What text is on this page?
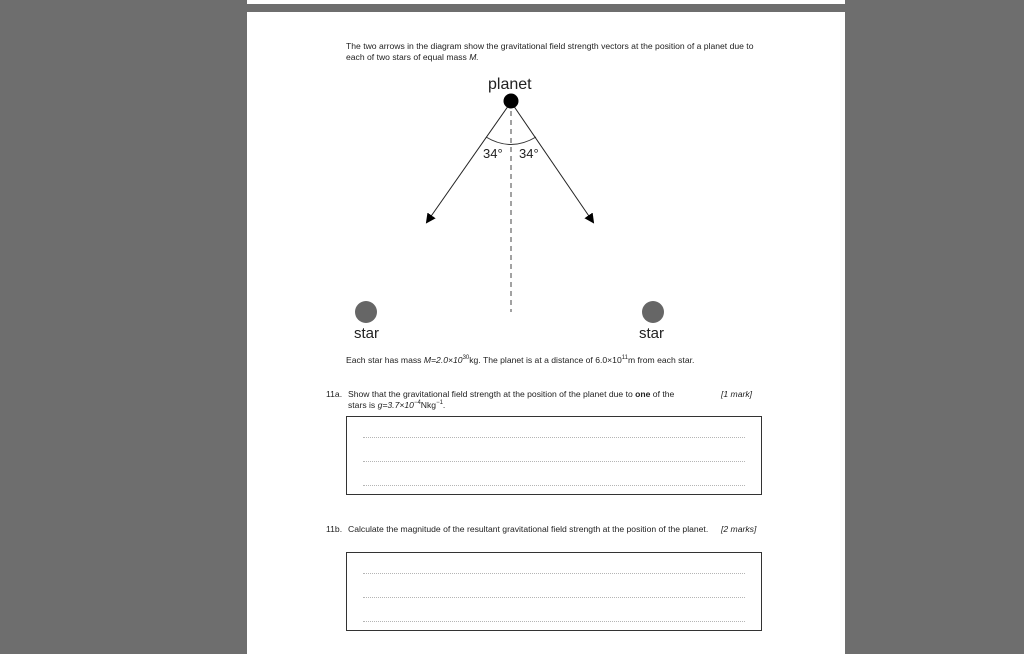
The two arrows in the diagram show the gravitational field strength vectors at the position of a planet due to each of two stars of equal mass M.
planet
34° 34°
star	star
Each star has mass $M=2.0\times 10^{30}kg$. The planet is at a distance of $6.0\times 10^{11}m$ from each star.
11a. Show that the gravitational field strength at the position of the planet due to one of the stars is $g=3.7\times 10^{-4}Nkg^{-1}$.
[1 mark]
11b. Calculate the magnitude of the resultant gravitational field strength at the position of the planet.	[2 marks]
